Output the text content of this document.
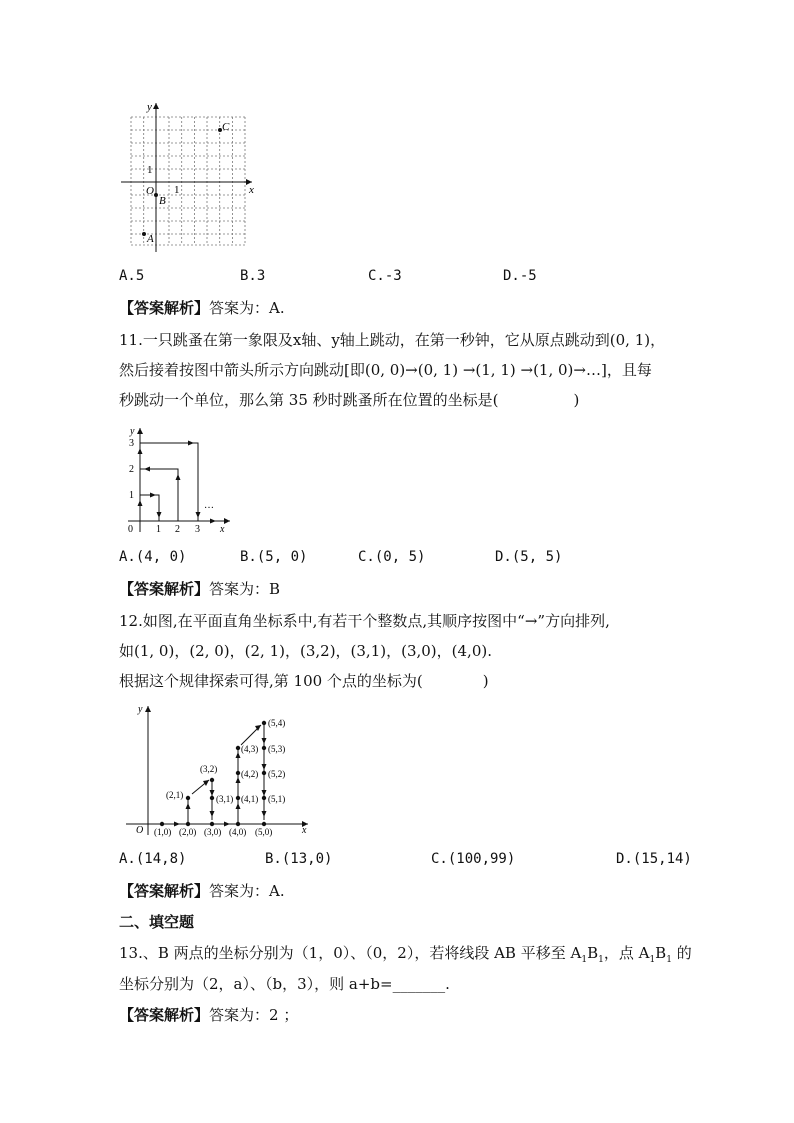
x
y
O 1
1
C
B
A
A.5	B.3	C.-3	D.-5
【答案解析】答案为：A.
11.一只跳蚤在第一象限及x轴、y轴上跳动，在第一秒钟，它从原点跳动到(0, 1)，
然后接着按图中箭头所示方向跳动[即(0, 0)→(0, 1) →(1, 1) →(1, 0)→…]，且每
秒跳动一个单位，那么第 35 秒时跳蚤所在位置的坐标是(　　　　　)
y
x
0 1 2 3
1
2
3
…
A.(4, 0)	B.(5, 0)	C.(0, 5)	D.(5, 5)
【答案解析】答案为：B
12.如图,在平面直角坐标系中,有若干个整数点,其顺序按图中“→”方向排列,
如(1, 0)，(2, 0)，(2, 1)，(3,2)，(3,1)，(3,0)，(4,0).
根据这个规律探索可得,第 100 个点的坐标为(　　　　)
y
x
O (1,0) (2,0) (3,0) (4,0) (5,0)
(2,1)
(3,2)
(3,1) (4,1)
(4,2)
(4,3)
(5,1)
(5,2)
(5,3)
(5,4)
A.(14,8)	B.(13,0)	C.(100,99)	D.(15,14)
【答案解析】答案为：A.
二、填空题
13.、B 两点的坐标分别为（1，0）、（0，2），若将线段 AB 平移至 $A_1B_1$，点 $A_1B_1$ 的
坐标分别为（2，a）、（b，3），则 a+b=_______.
【答案解析】答案为：2 ；
